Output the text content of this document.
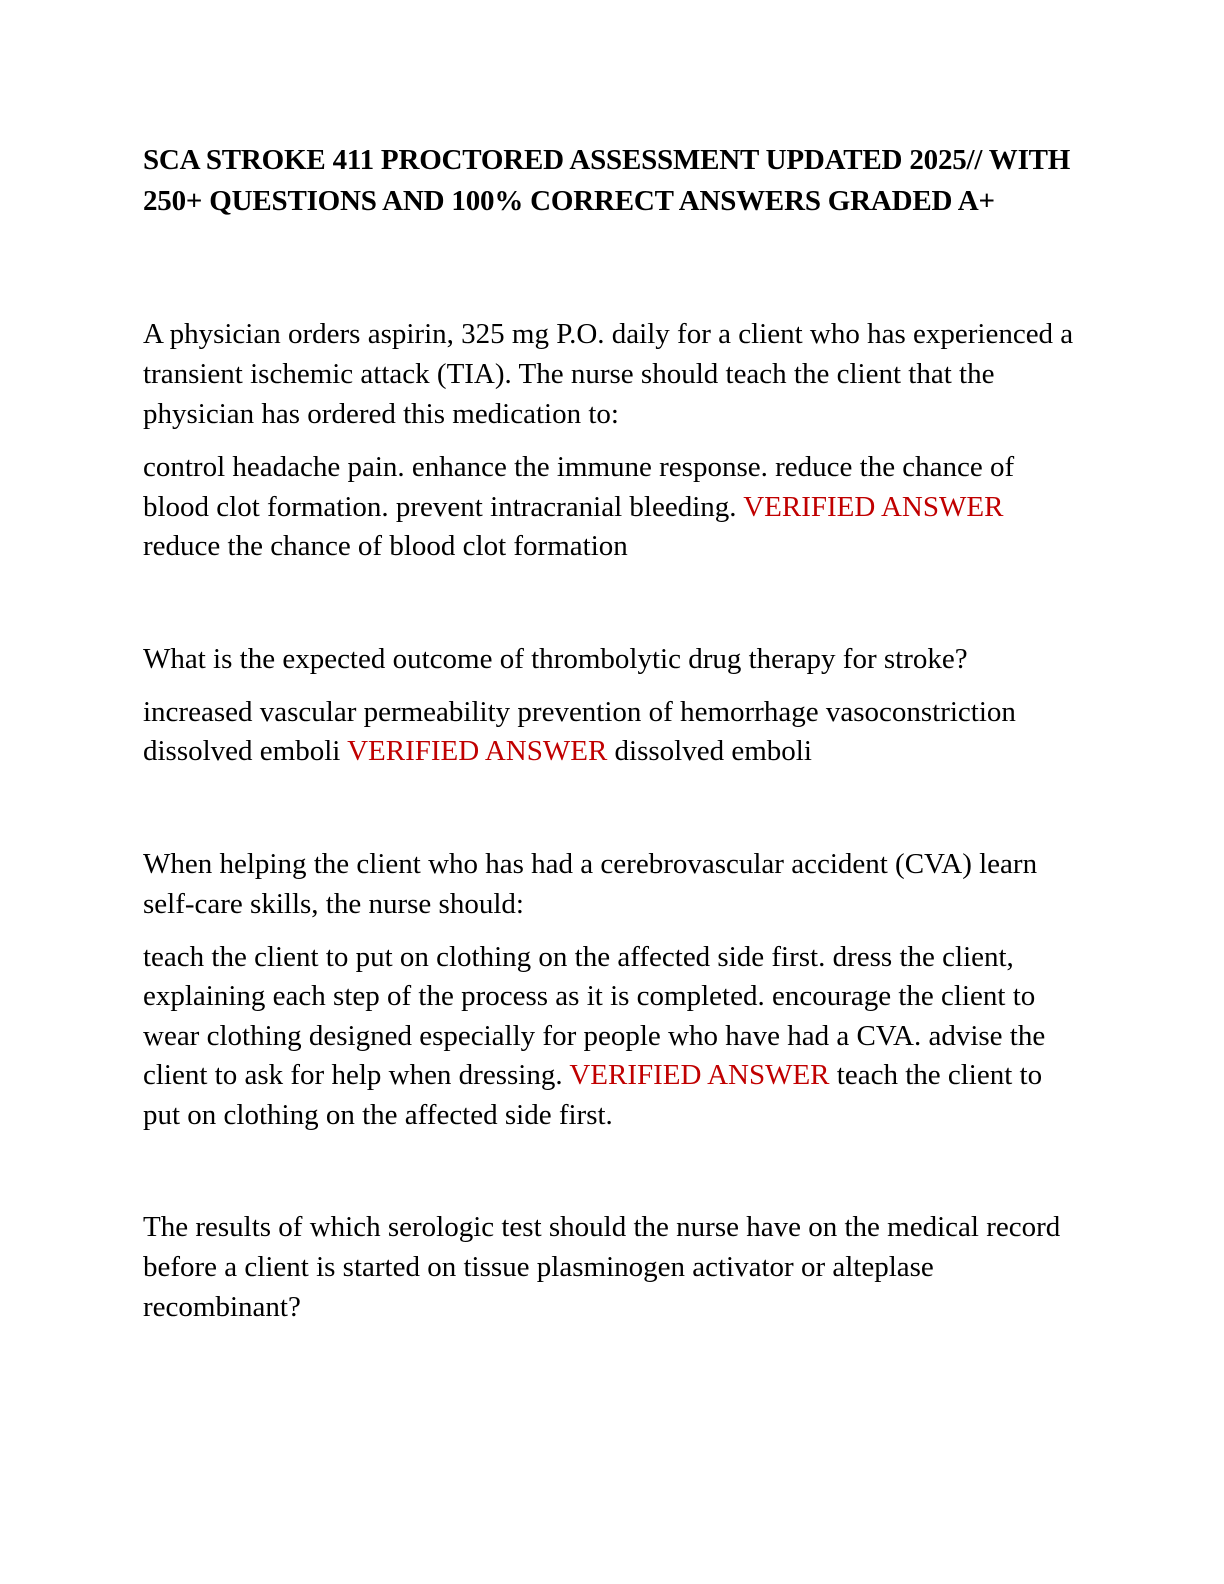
SCA STROKE 411 PROCTORED ASSESSMENT UPDATED 2025// WITH 250+ QUESTIONS AND 100% CORRECT ANSWERS GRADED A+

A physician orders aspirin, 325 mg P.O. daily for a client who has experienced a transient ischemic attack (TIA). The nurse should teach the client that the physician has ordered this medication to:

control headache pain. enhance the immune response. reduce the chance of blood clot formation. prevent intracranial bleeding. VERIFIED ANSWER reduce the chance of blood clot formation

What is the expected outcome of thrombolytic drug therapy for stroke?

increased vascular permeability prevention of hemorrhage vasoconstriction dissolved emboli VERIFIED ANSWER dissolved emboli

When helping the client who has had a cerebrovascular accident (CVA) learn self-care skills, the nurse should:

teach the client to put on clothing on the affected side first. dress the client, explaining each step of the process as it is completed. encourage the client to wear clothing designed especially for people who have had a CVA. advise the client to ask for help when dressing. VERIFIED ANSWER teach the client to put on clothing on the affected side first.

The results of which serologic test should the nurse have on the medical record before a client is started on tissue plasminogen activator or alteplase recombinant?
